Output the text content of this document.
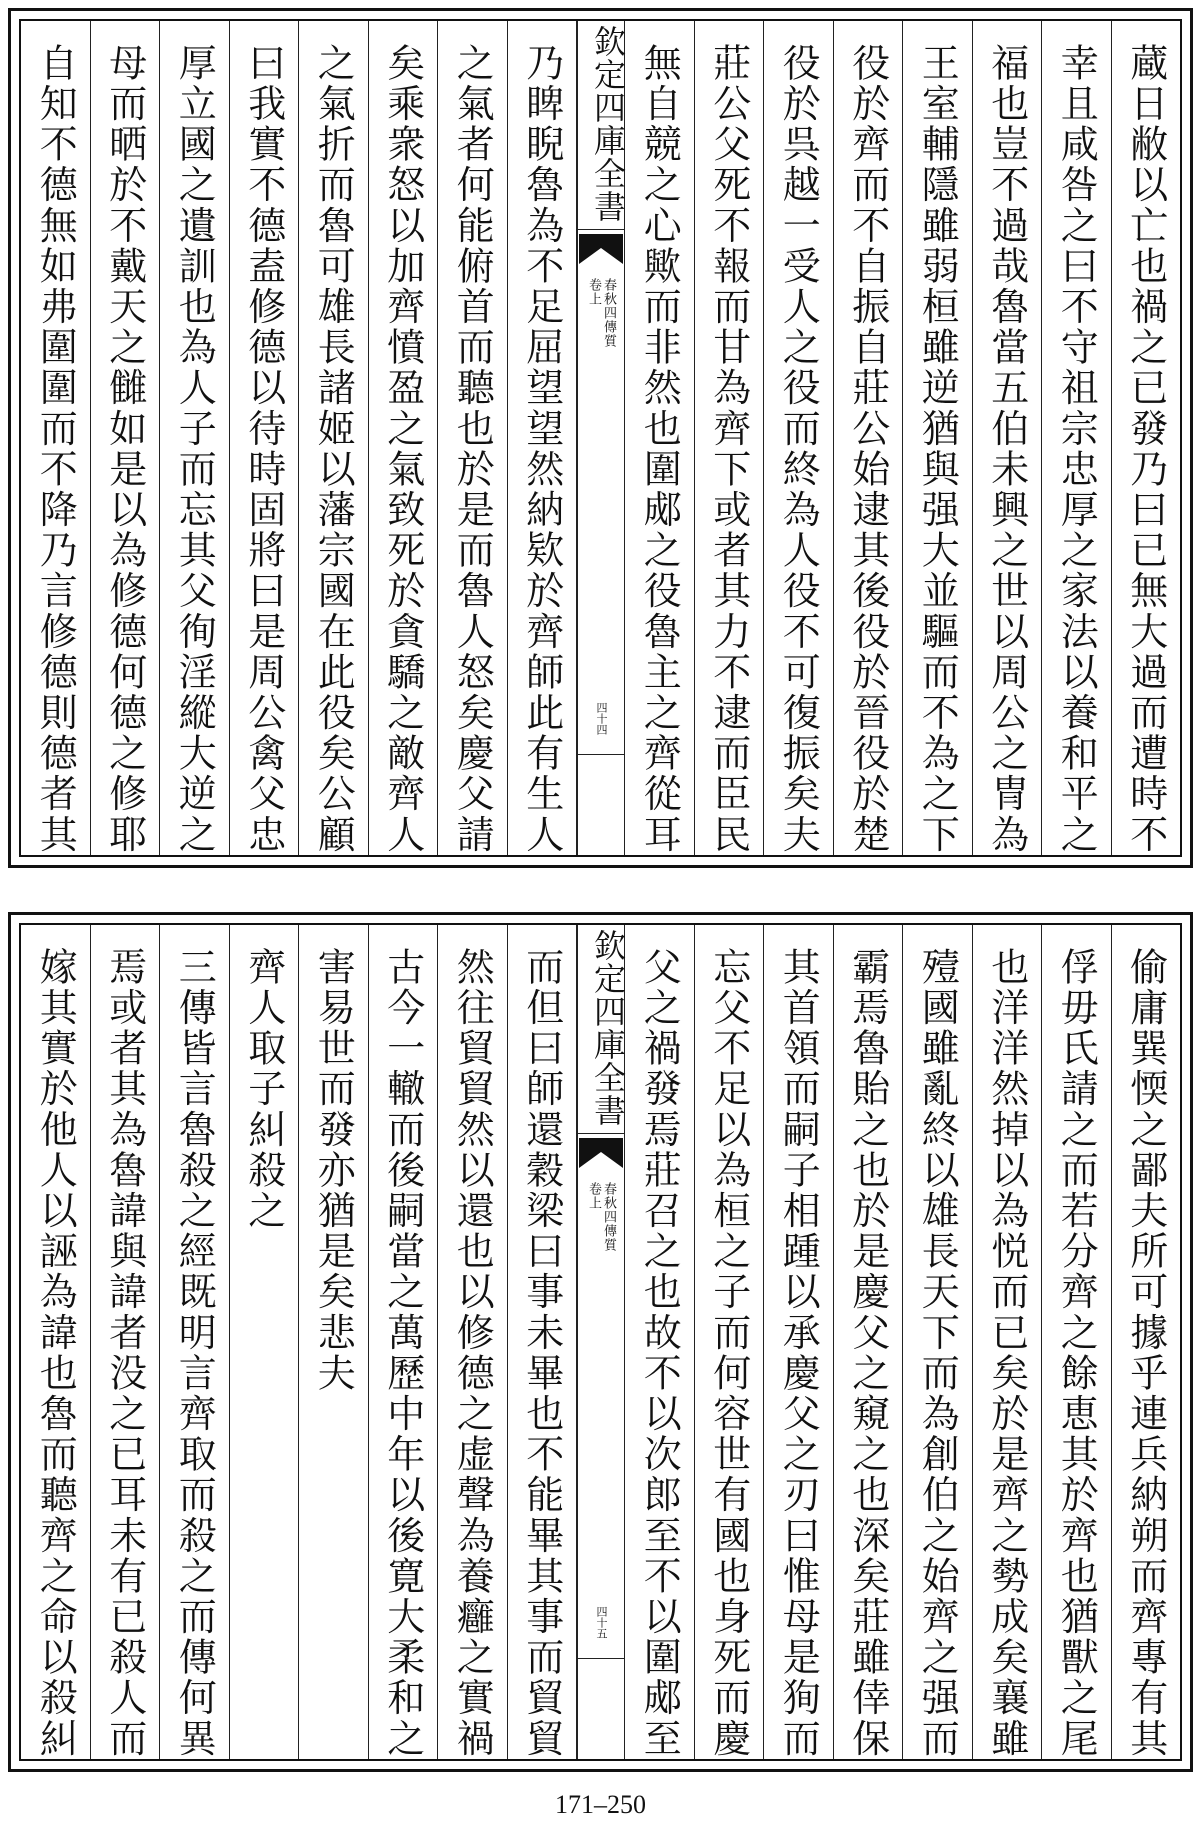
蔵日敝以亡也禍之已發乃曰已無大過而遭時不
幸且咸咎之曰不守祖宗忠厚之家法以養和平之
福也豈不過哉魯當五伯未興之世以周公之冑為
王室輔隱雖弱桓雖逆猶與强大並驅而不為之下
役於齊而不自振自莊公始逮其後役於晉役於楚
役於呉越一受人之役而終為人役不可復振矣夫
莊公父死不報而甘為齊下或者其力不逮而臣民
無自競之心歟而非然也圍郕之役魯主之齊從耳
欽定四庫全書
春秋四傳質
卷上
四十四
乃睥睨魯為不足屈望望然納欵於齊師此有生人
之氣者何能俯首而聽也於是而魯人怒矣慶父請
矣乘衆怒以加齊憤盈之氣致死於貪驕之敵齊人
之氣折而魯可雄長諸姬以藩宗國在此役矣公顧
曰我實不德盍修德以待時固將曰是周公禽父忠
厚立國之遺訓也為人子而忘其父徇淫縱大逆之
母而晒於不戴天之雠如是以為修德何德之修耶
自知不德無如弗圍圍而不降乃言修德則德者其
偷庸巽愞之鄙夫所可據乎連兵納朔而齊專有其
俘毋氏請之而若分齊之餘恵其於齊也猶獸之尾
也洋洋然掉以為悦而已矣於是齊之勢成矣襄雖
殪國雖亂終以雄長天下而為創伯之始齊之强而
霸焉魯貽之也於是慶父之窺之也深矣莊雖倖保
其首領而嗣子相踵以承慶父之刃曰惟母是狥而
忘父不足以為桓之子而何容世有國也身死而慶
父之禍發焉莊召之也故不以次郎至不以圍郕至
欽定四庫全書
春秋四傳質
卷上
四十五
而但曰師還穀梁曰事未畢也不能畢其事而貿貿
然往貿貿然以還也以修德之虚聲為養癰之實禍
古今一轍而後嗣當之萬歷中年以後寛大柔和之
害易世而發亦猶是矣悲夫
齊人取子糾殺之
三傳皆言魯殺之經既明言齊取而殺之而傳何異
焉或者其為魯諱與諱者没之已耳未有已殺人而
嫁其實於他人以誣為諱也魯而聽齊之命以殺糾
171–250
